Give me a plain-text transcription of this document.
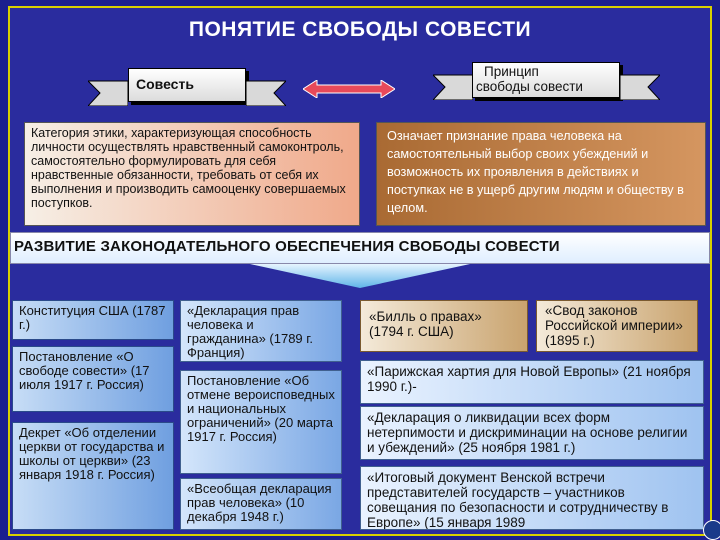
ПОНЯТИЕ СВОБОДЫ СОВЕСТИ
Совесть
Принцип
свободы совести
Категория этики, характеризующая способность личности осуществлять нравственный самоконтроль, самостоятельно формулировать для себя нравственные обязанности, требовать от себя их выполнения и производить самооценку совершаемых поступков.
Означает признание права человека на самостоятельный выбор своих убеждений и возможность их проявления в действиях и поступках не в ущерб другим людям и обществу в целом.
РАЗВИТИЕ ЗАКОНОДАТЕЛЬНОГО ОБЕСПЕЧЕНИЯ СВОБОДЫ СОВЕСТИ
Конституция США (1787 г.)
Постановление «О свободе совести» (17 июля 1917 г. Россия)
Декрет «Об отделении церкви от государства и школы от церкви» (23 января 1918 г. Россия)
«Декларация прав человека и гражданина» (1789 г. Франция)
Постановление «Об отмене вероисповедных и национальных ограничений» (20 марта 1917 г. Россия)
«Всеобщая декларация прав человека» (10 декабря 1948 г.)
«Билль о правах» (1794 г. США)
«Свод законов Российской империи» (1895 г.)
«Парижская хартия для Новой Европы» (21 ноября 1990 г.)-
«Декларация о ликвидации всех форм нетерпимости и дискриминации на основе религии и убеждений» (25 ноября 1981 г.)
«Итоговый документ Венской встречи представителей государств – участников совещания по безопасности и сотрудничеству в Европе» (15 января 1989
